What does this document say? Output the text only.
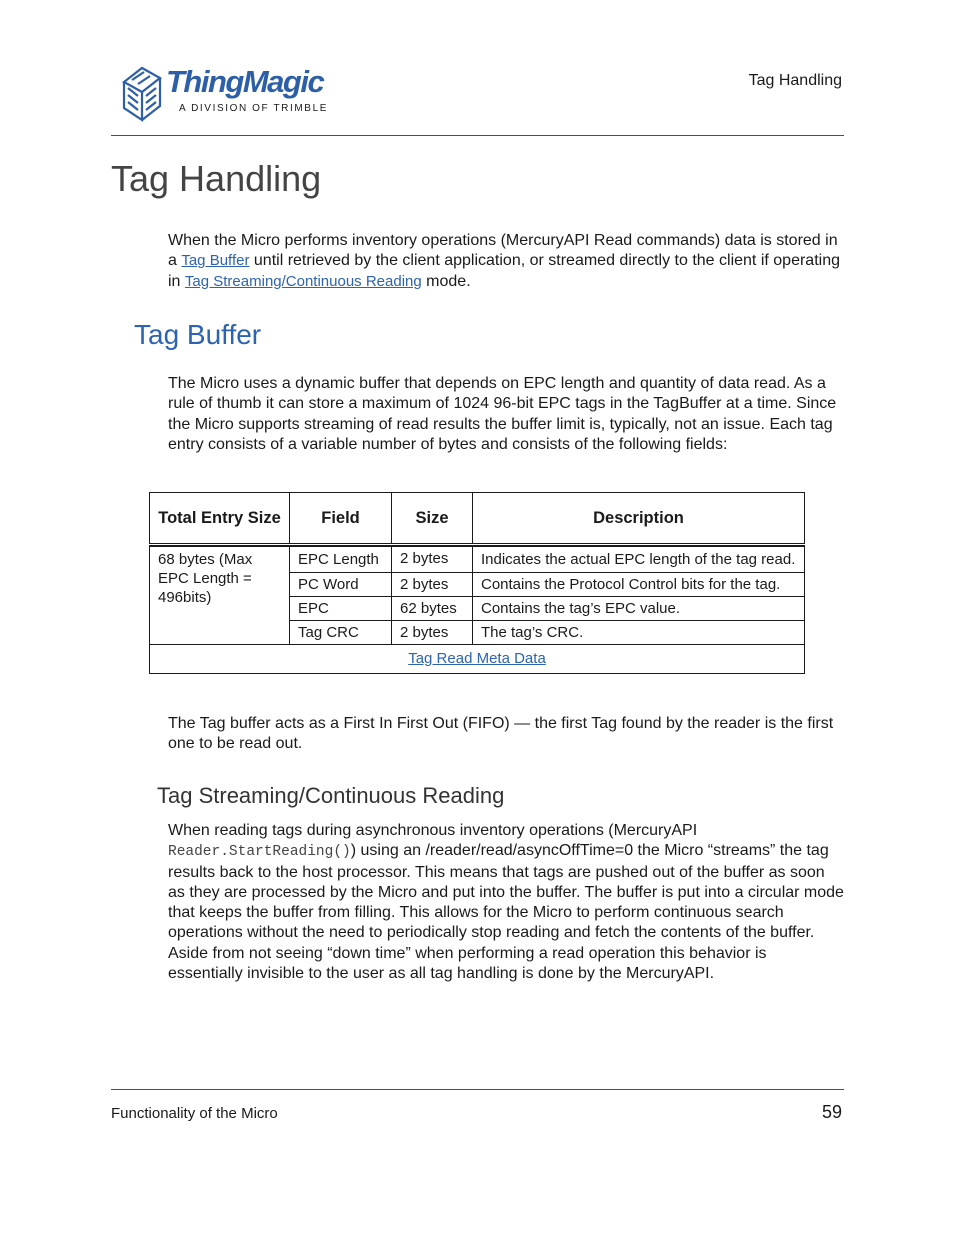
ThingMagic
A DIVISION OF TRIMBLE
Tag Handling
Tag Handling
When the Micro performs inventory operations (MercuryAPI Read commands) data is stored in a Tag Buffer until retrieved by the client application, or streamed directly to the client if operating in Tag Streaming/Continuous Reading mode.
Tag Buffer
The Micro uses a dynamic buffer that depends on EPC length and quantity of data read. As a rule of thumb it can store a maximum of 1024 96-bit EPC tags in the TagBuffer at a time. Since the Micro supports streaming of read results the buffer limit is, typically, not an issue. Each tag entry consists of a variable number of bytes and consists of the following fields:
Total Entry Size	Field	Size	Description

68 bytes (Max EPC Length = 496bits)	EPC Length	2 bytes	Indicates the actual EPC length of the tag read.
	PC Word	2 bytes	Contains the Protocol Control bits for the tag.
	EPC	62 bytes	Contains the tag’s EPC value.
	Tag CRC	2 bytes	The tag’s CRC.
Tag Read Meta Data			
The Tag buffer acts as a First In First Out (FIFO) — the first Tag found by the reader is the first one to be read out.
Tag Streaming/Continuous Reading
When reading tags during asynchronous inventory operations (MercuryAPI
Reader.StartReading()) using an /reader/read/asyncOffTime=0 the Micro “streams” the tag results back to the host processor. This means that tags are pushed out of the buffer as soon as they are processed by the Micro and put into the buffer. The buffer is put into a circular mode that keeps the buffer from filling. This allows for the Micro to perform continuous search operations without the need to periodically stop reading and fetch the contents of the buffer. Aside from not seeing “down time” when performing a read operation this behavior is essentially invisible to the user as all tag handling is done by the MercuryAPI.
Functionality of the Micro	59
